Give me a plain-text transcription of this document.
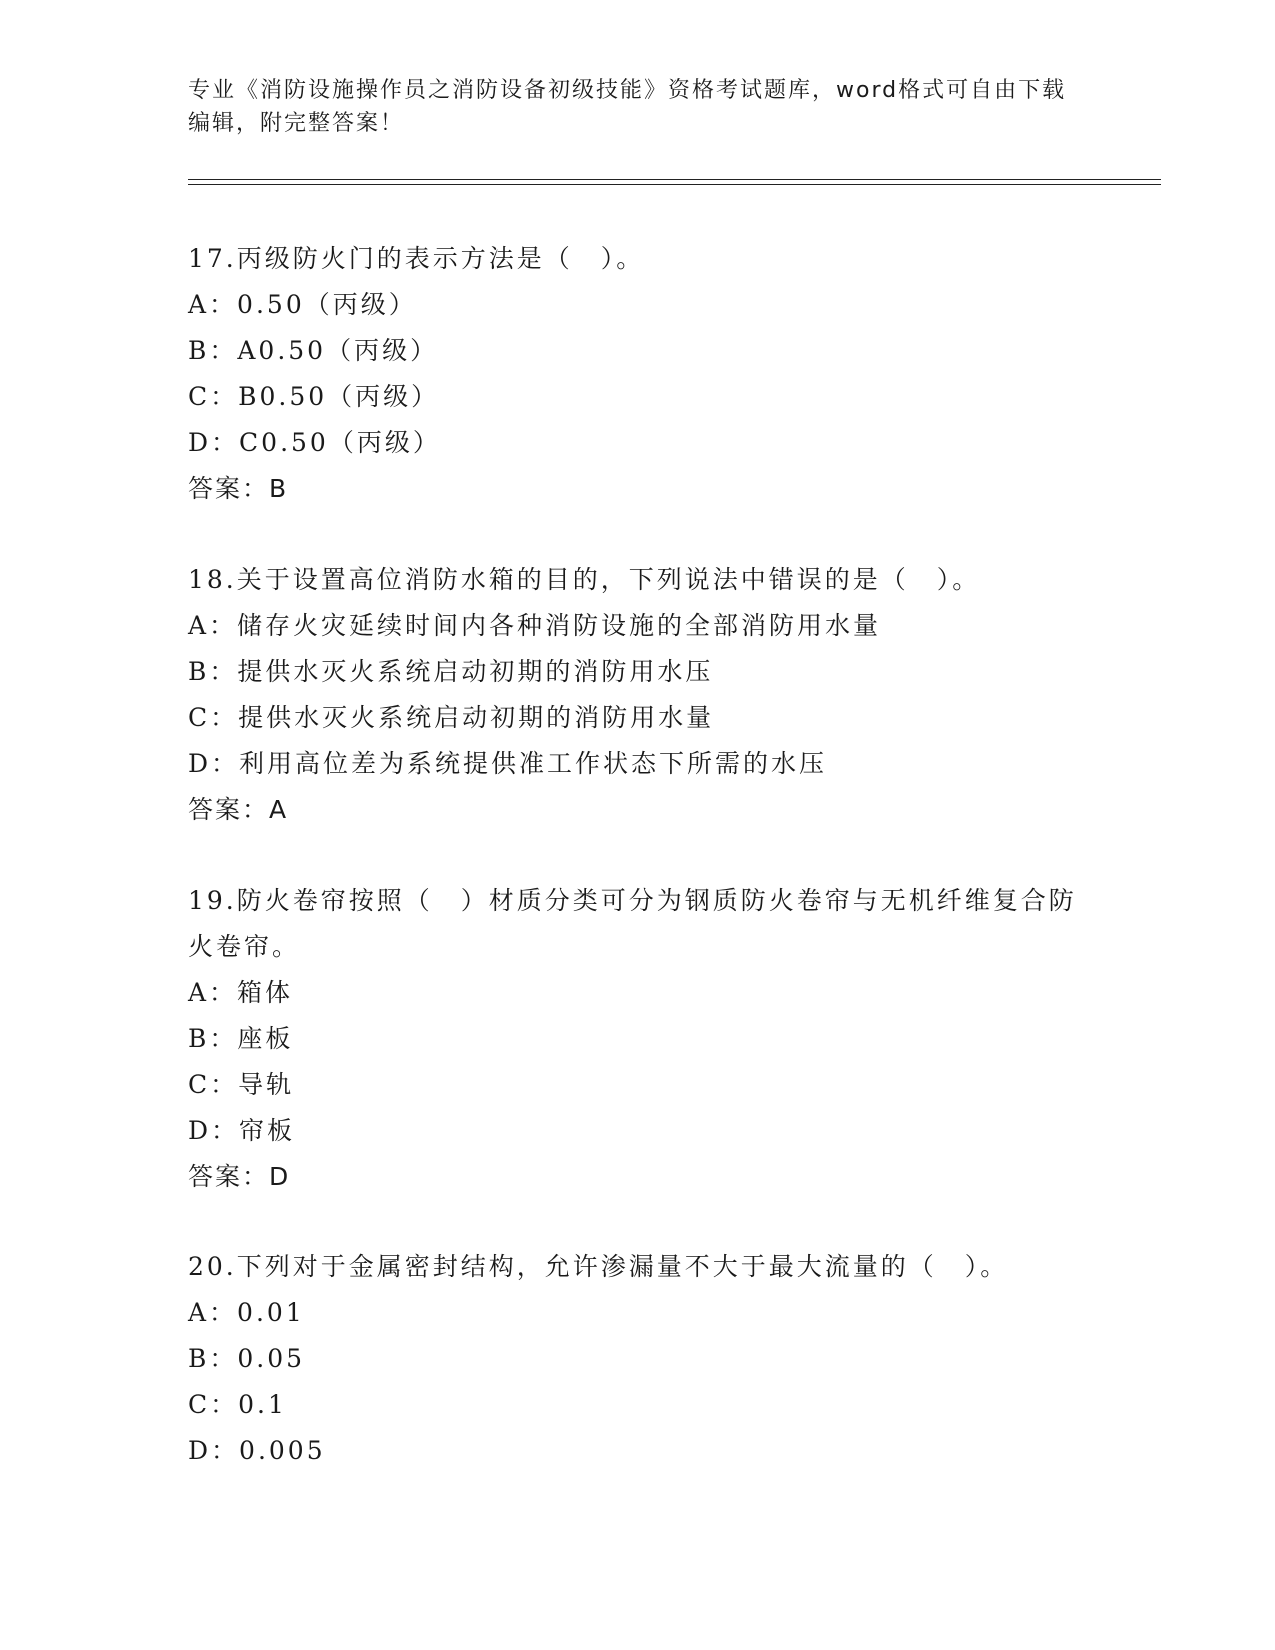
专业《消防设施操作员之消防设备初级技能》资格考试题库，word格式可自由下载编辑，附完整答案！
17.丙级防火门的表示方法是（　）。
A：0.50（丙级）
B：A0.50（丙级）
C：B0.50（丙级）
D：C0.50（丙级）
答案：B
18.关于设置高位消防水箱的目的，下列说法中错误的是（　）。
A：储存火灾延续时间内各种消防设施的全部消防用水量
B：提供水灭火系统启动初期的消防用水压
C：提供水灭火系统启动初期的消防用水量
D：利用高位差为系统提供准工作状态下所需的水压
答案：A
19.防火卷帘按照（　）材质分类可分为钢质防火卷帘与无机纤维复合防火卷帘。
A：箱体
B：座板
C：导轨
D：帘板
答案：D
20.下列对于金属密封结构，允许渗漏量不大于最大流量的（　）。
A：0.01
B：0.05
C：0.1
D：0.005
